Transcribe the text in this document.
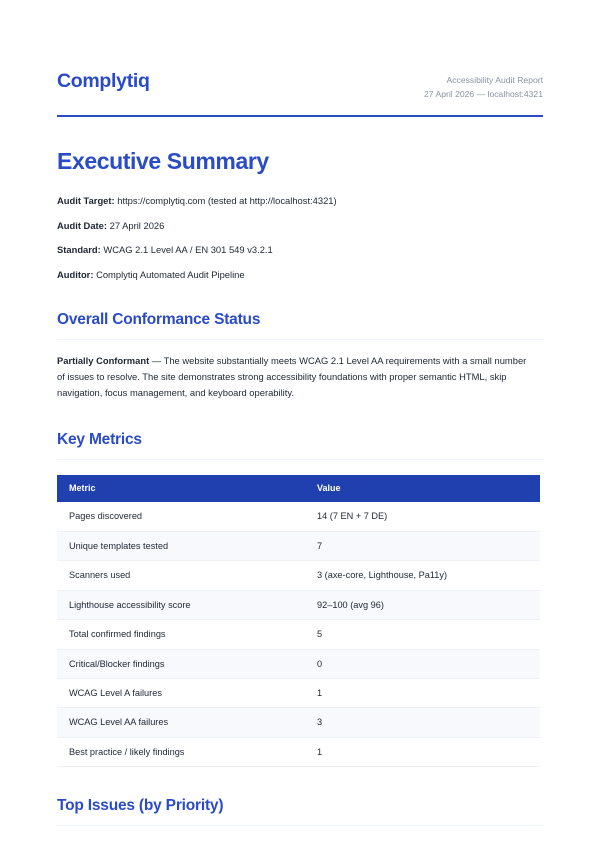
Complytiq	Accessibility Audit Report
27 April 2026 — localhost:4321
Executive Summary
Audit Target: https://complytiq.com (tested at http://localhost:4321)
Audit Date: 27 April 2026
Standard: WCAG 2.1 Level AA / EN 301 549 v3.2.1
Auditor: Complytiq Automated Audit Pipeline
Overall Conformance Status

Partially Conformant — The website substantially meets WCAG 2.1 Level AA requirements with a small number of issues to resolve. The site demonstrates strong accessibility foundations with proper semantic HTML, skip navigation, focus management, and keyboard operability.

Key Metrics
Metric	Value
Pages discovered	14 (7 EN + 7 DE)
Unique templates tested	7
Scanners used	3 (axe-core, Lighthouse, Pa11y)
Lighthouse accessibility score	92–100 (avg 96)
Total confirmed findings	5
Critical/Blocker findings	0
WCAG Level A failures	1
WCAG Level AA failures	3
Best practice / likely findings	1
Top Issues (by Priority)
